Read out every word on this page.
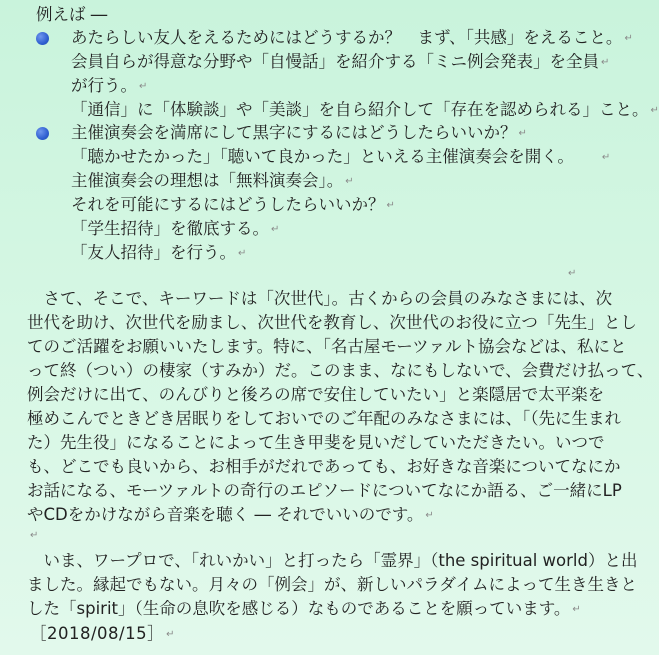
例えば ―
あたらしい友人をえるためにはどうするか？　まず、「共感」をえること。 ↵
会員自らが得意な分野や「自慢話」を紹介する「ミニ例会発表」を全員 ↵
が行う。 ↵
「通信」に「体験談」や「美談」を自ら紹介して「存在を認められる」こと。 ↵
主催演奏会を満席にして黒字にするにはどうしたらいいか？ ↵
「聴かせたかった」「聴いて良かった」といえる主催演奏会を開く。	↵
主催演奏会の理想は「無料演奏会」。 ↵
それを可能にするにはどうしたらいいか？ ↵
「学生招待」を徹底する。 ↵
「友人招待」を行う。 ↵
↵
　さて、そこで、キーワードは「次世代」。古くからの会員のみなさまには、次
世代を助け、次世代を励まし、次世代を教育し、次世代のお役に立つ「先生」とし
てのご活躍をお願いいたします。特に、「名古屋モーツァルト協会などは、私にと
って終（つい）の棲家（すみか）だ。このまま、なにもしないで、会費だけ払って、
例会だけに出て、のんびりと後ろの席で安住していたい」と楽隠居で太平楽を
極めこんでときどき居眠りをしておいでのご年配のみなさまには、「（先に生まれ
た）先生役」になることによって生き甲斐を見いだしていただきたい。いつで
も、どこでも良いから、お相手がだれであっても、お好きな音楽についてなにか
お話になる、モーツァルトの奇行のエピソードについてなにか語る、ご一緒にLP
やCDをかけながら音楽を聴く ― それでいいのです。 ↵
↵
　いま、ワープロで、「れいかい」と打ったら「霊界」（the spiritual world）と出
ました。縁起でもない。月々の「例会」が、新しいパラダイムによって生き生きと
した「spirit」（生命の息吹を感じる）なものであることを願っています。 ↵
［2018/08/15］ ↵
